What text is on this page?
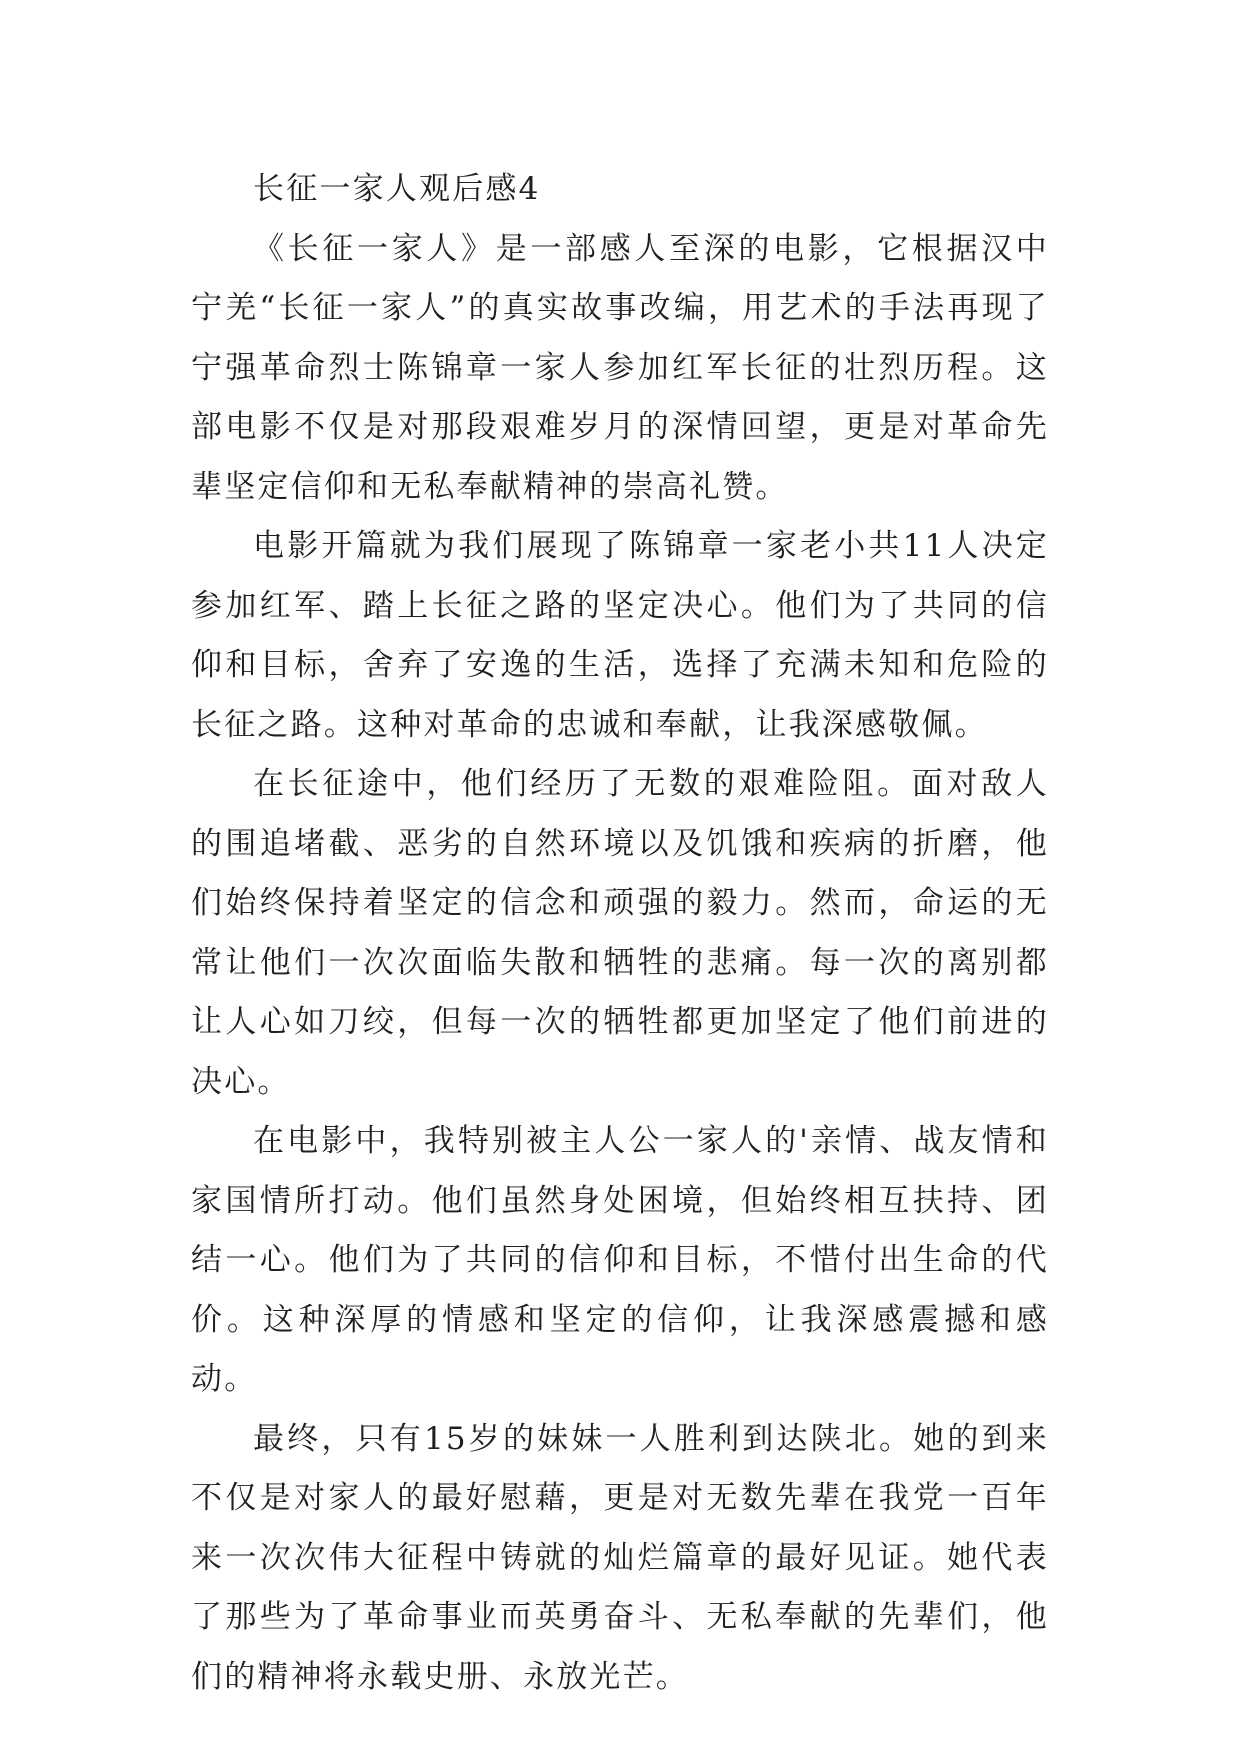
长征一家人观后感4

《长征一家人》是一部感人至深的电影，它根据汉中宁羌“长征一家人”的真实故事改编，用艺术的手法再现了宁强革命烈士陈锦章一家人参加红军长征的壮烈历程。这部电影不仅是对那段艰难岁月的深情回望，更是对革命先辈坚定信仰和无私奉献精神的崇高礼赞。

电影开篇就为我们展现了陈锦章一家老小共11人决定参加红军、踏上长征之路的坚定决心。他们为了共同的信仰和目标，舍弃了安逸的生活，选择了充满未知和危险的长征之路。这种对革命的忠诚和奉献，让我深感敬佩。

在长征途中，他们经历了无数的艰难险阻。面对敌人的围追堵截、恶劣的自然环境以及饥饿和疾病的折磨，他们始终保持着坚定的信念和顽强的毅力。然而，命运的无常让他们一次次面临失散和牺牲的悲痛。每一次的离别都让人心如刀绞，但每一次的牺牲都更加坚定了他们前进的决心。

在电影中，我特别被主人公一家人的'亲情、战友情和家国情所打动。他们虽然身处困境，但始终相互扶持、团结一心。他们为了共同的信仰和目标，不惜付出生命的代价。这种深厚的情感和坚定的信仰，让我深感震撼和感动。

最终，只有15岁的妹妹一人胜利到达陕北。她的到来不仅是对家人的最好慰藉，更是对无数先辈在我党一百年来一次次伟大征程中铸就的灿烂篇章的最好见证。她代表了那些为了革命事业而英勇奋斗、无私奉献的先辈们，他们的精神将永载史册、永放光芒。
